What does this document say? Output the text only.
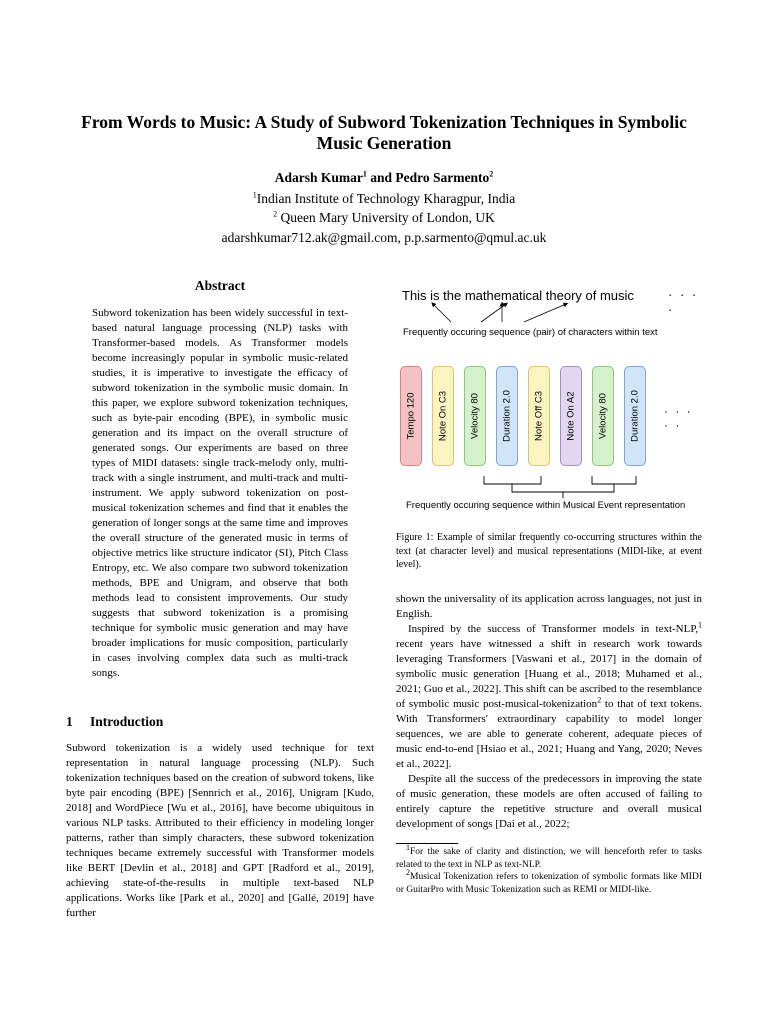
From Words to Music: A Study of Subword Tokenization Techniques in Symbolic Music Generation
Adarsh Kumar$^1$ and Pedro Sarmento$^2$
$^1$Indian Institute of Technology Kharagpur, India
$^2$ Queen Mary University of London, UK
adarshkumar712.ak@gmail.com, p.p.sarmento@qmul.ac.uk
Abstract
Subword tokenization has been widely successful in text-based natural language processing (NLP) tasks with Transformer-based models. As Transformer models become increasingly popular in symbolic music-related studies, it is imperative to investigate the efficacy of subword tokenization in the symbolic music domain. In this paper, we explore subword tokenization techniques, such as byte-pair encoding (BPE), in symbolic music generation and its impact on the overall structure of generated songs. Our experiments are based on three types of MIDI datasets: single track-melody only, multi-track with a single instrument, and multi-track and multi-instrument. We apply subword tokenization on post-musical tokenization schemes and find that it enables the generation of longer songs at the same time and improves the overall structure of the generated music in terms of objective metrics like structure indicator (SI), Pitch Class Entropy, etc. We also compare two subword tokenization methods, BPE and Unigram, and observe that both methods lead to consistent improvements. Our study suggests that subword tokenization is a promising technique for symbolic music generation and may have broader implications for music composition, particularly in cases involving complex data such as multi-track songs.
1 Introduction
Subword tokenization is a widely used technique for text representation in natural language processing (NLP). Such tokenization techniques based on the creation of subword tokens, like byte pair encoding (BPE) [Sennrich et al., 2016], Unigram [Kudo, 2018] and WordPiece [Wu et al., 2016], have become ubiquitous in various NLP tasks. Attributed to their efficiency in modeling longer patterns, rather than simply characters, these subword tokenization techniques became extremely successful with Transformer models like BERT [Devlin et al., 2018] and GPT [Radford et al., 2019], achieving state-of-the-results in multiple text-based NLP applications. Works like [Park et al., 2020] and [Gallé, 2019] have further
This is the mathematical theory of music	· · · ·
Frequently occuring sequence (pair) of characters within text
Tempo 120 Note On C3 Velocity 80 Duration 2.0 Note Off C3 Note On A2 Velocity 80 Duration 2.0 · · · · ·
Frequently occuring sequence within Musical Event representation
Figure 1: Example of similar frequently co-occurring structures within the text (at character level) and musical representations (MIDI-like, at event level).

shown the universality of its application across languages, not just in English.

Inspired by the success of Transformer models in text-NLP,$^1$ recent years have witnessed a shift in research work towards leveraging Transformers [Vaswani et al., 2017] in the domain of symbolic music generation [Huang et al., 2018; Muhamed et al., 2021; Guo et al., 2022]. This shift can be ascribed to the resemblance of symbolic music post-musical-tokenization$^2$ to that of text tokens. With Transformers' extraordinary capability to model longer sequences, we are able to generate coherent, adequate pieces of music end-to-end [Hsiao et al., 2021; Huang and Yang, 2020; Neves et al., 2022].

Despite all the success of the predecessors in improving the state of music generation, these models are often accused of failing to entirely capture the repetitive structure and overall musical development of songs [Dai et al., 2022;

$^1$For the sake of clarity and distinction, we will henceforth refer to tasks related to the text in NLP as text-NLP.

$^2$Musical Tokenization refers to tokenization of symbolic formats like MIDI or GuitarPro with Music Tokenization such as REMI or MIDI-like.
